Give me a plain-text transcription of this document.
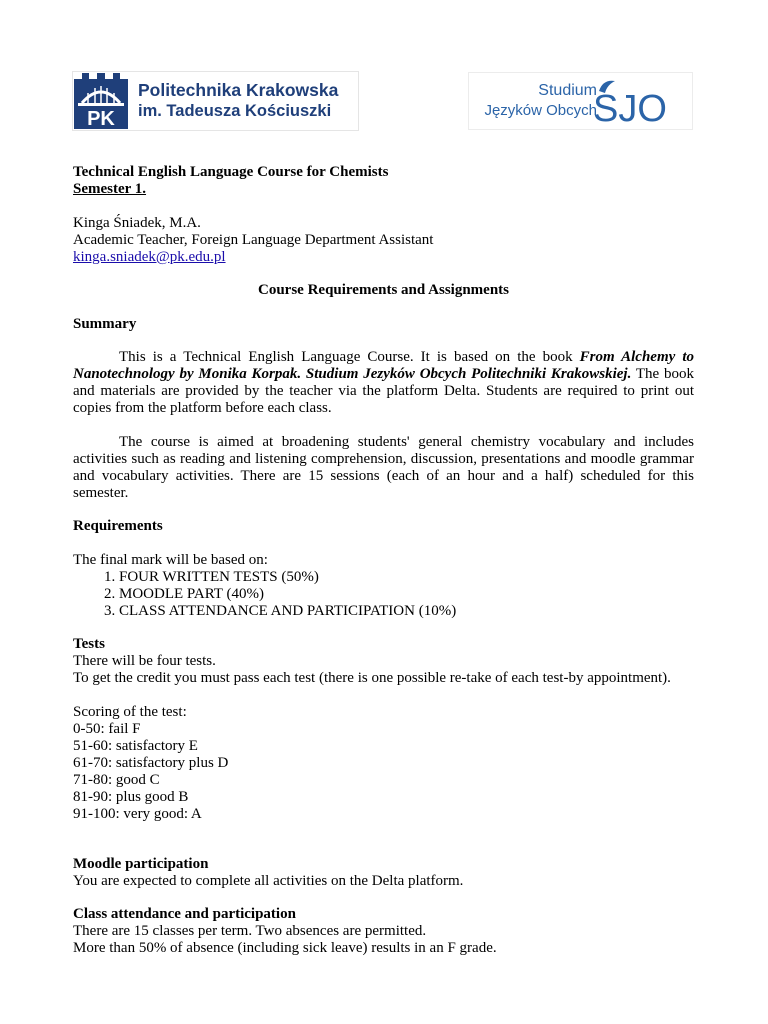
PK
Politechnika Krakowska
im. Tadeusza Kościuszki
Studium
Języków Obcych
SJO

Technical English Language Course for Chemists

Semester 1.

Kinga Śniadek, M.A.

Academic Teacher, Foreign Language Department Assistant

kinga.sniadek@pk.edu.pl

Course Requirements and Assignments

Summary

This is a Technical English Language Course. It is based on the book From Alchemy to Nanotechnology by Monika Korpak. Studium Jezyków Obcych Politechniki Krakowskiej. The book and materials are provided by the teacher via the platform Delta. Students are required to print out copies from the platform before each class.

The course is aimed at broadening students' general chemistry vocabulary and includes activities such as reading and listening comprehension, discussion, presentations and moodle grammar and vocabulary activities. There are 15 sessions (each of an hour and a half) scheduled for this semester.

Requirements

The final mark will be based on:

1. FOUR WRITTEN TESTS (50%)
2. MOODLE PART (40%)
3. CLASS ATTENDANCE AND PARTICIPATION (10%)

Tests

There will be four tests.

To get the credit you must pass each test (there is one possible re-take of each test-by appointment).

Scoring of the test:

0-50: fail F

51-60: satisfactory E

61-70: satisfactory plus D

71-80: good C

81-90: plus good B

91-100: very good: A

Moodle participation

You are expected to complete all activities on the Delta platform.

Class attendance and participation

There are 15 classes per term. Two absences are permitted.

More than 50% of absence (including sick leave) results in an F grade.
